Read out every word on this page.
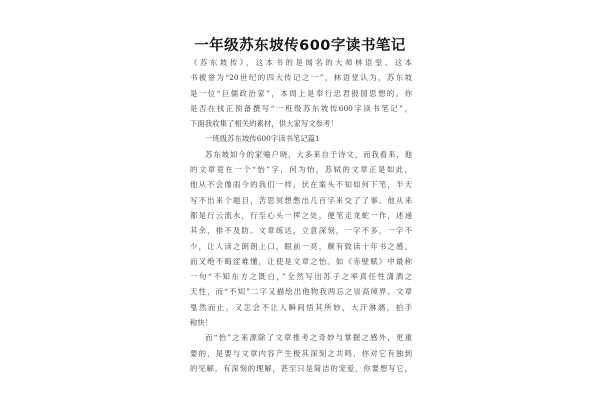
一年级苏东坡传600字读书笔记
《苏东坡传》，这本书的是闻名的大师林语堂。这本
书被誉为“20世纪的四大传记之一”，林语堂认为，苏东坡
是一位“巨儒政治家”，本周上是奉行忠君报国思想的。你
是否在找正预备撰写“一班级苏东坡传600字读书笔记”，
下面我收集了相关的素材，供大家写文参考！
一班级苏东坡传600字读书笔记篇1
苏东坡如今的家喻户晓，大多来自于诗文，而我看来，他
的文章竟在一个“怡”字，何为怡，苏轼的文章正是如此，
他从不会像雨今的我们一样，伏在案头不知如何下笔，半天
写不出来个题目，苦思冥想憋出几百字来交了了事。他从来
都是行云流水，行至心头一挥之处，便笔走龙蛇一作，述递
其余，排不及防。文章练达，立意深刻，一字不多，一字不
少，让人读之朗朗上口，眼前一亮，颇有致读十年书之感。
而又绝不晦涩难懂，让使是文章之怡。如《赤壁赋》中最称
一句“不知东方之既白，”全然写出苏子之率真任性潇洒之
天性，而“不知”二字又描绘出他物我两忘之崇高境界。文章
戛然而止，又怎会不让人瞬间悟其所妙，大汗淋漓，拍手
称快！
而“怡”之来源除了文章推考之奇妙与掌握之感外，更重
要的，是要与文章内容产生极其深刻之共鸣，你对它有独到
的见解，有深刻的理解，甚至只是简洁的宠爱，你要想写它，
